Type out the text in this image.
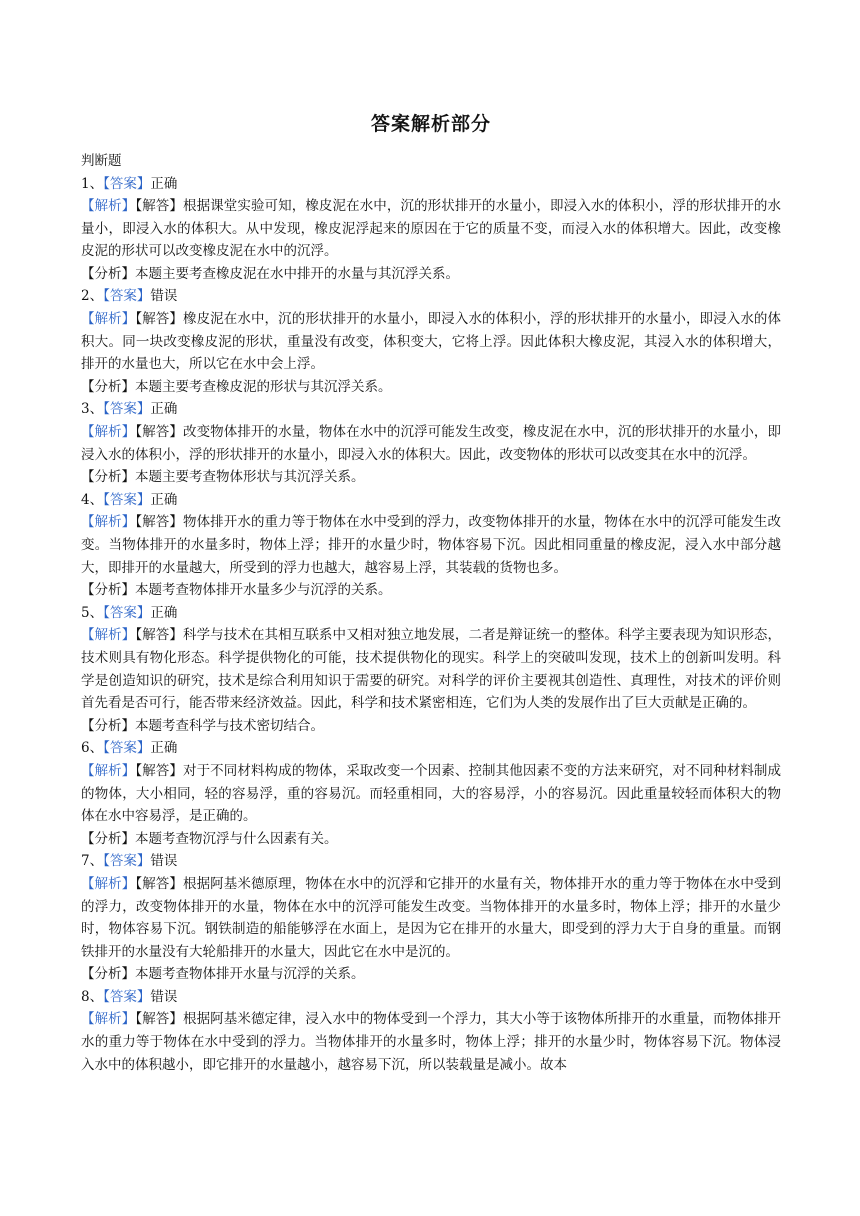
答案解析部分
判断题

1、【答案】正确

【解析】【解答】根据课堂实验可知，橡皮泥在水中，沉的形状排开的水量小，即浸入水的体积小，浮的形状排开的水量小，即浸入水的体积大。从中发现，橡皮泥浮起来的原因在于它的质量不变，而浸入水的体积增大。因此，改变橡皮泥的形状可以改变橡皮泥在水中的沉浮。

【分析】本题主要考查橡皮泥在水中排开的水量与其沉浮关系。

2、【答案】错误

【解析】【解答】橡皮泥在水中，沉的形状排开的水量小，即浸入水的体积小，浮的形状排开的水量小，即浸入水的体积大。同一块改变橡皮泥的形状，重量没有改变，体积变大，它将上浮。因此体积大橡皮泥，其浸入水的体积增大，排开的水量也大，所以它在水中会上浮。

【分析】本题主要考查橡皮泥的形状与其沉浮关系。

3、【答案】正确

【解析】【解答】改变物体排开的水量，物体在水中的沉浮可能发生改变，橡皮泥在水中，沉的形状排开的水量小，即浸入水的体积小，浮的形状排开的水量小，即浸入水的体积大。因此，改变物体的形状可以改变其在水中的沉浮。

【分析】本题主要考查物体形状与其沉浮关系。

4、【答案】正确

【解析】【解答】物体排开水的重力等于物体在水中受到的浮力，改变物体排开的水量，物体在水中的沉浮可能发生改变。当物体排开的水量多时，物体上浮；排开的水量少时，物体容易下沉。因此相同重量的橡皮泥，浸入水中部分越大，即排开的水量越大，所受到的浮力也越大，越容易上浮，其装载的货物也多。

【分析】本题考查物体排开水量多少与沉浮的关系。

5、【答案】正确

【解析】【解答】科学与技术在其相互联系中又相对独立地发展，二者是辩证统一的整体。科学主要表现为知识形态，技术则具有物化形态。科学提供物化的可能，技术提供物化的现实。科学上的突破叫发现，技术上的创新叫发明。科学是创造知识的研究，技术是综合利用知识于需要的研究。对科学的评价主要视其创造性、真理性，对技术的评价则首先看是否可行，能否带来经济效益。因此，科学和技术紧密相连，它们为人类的发展作出了巨大贡献是正确的。

【分析】本题考查科学与技术密切结合。

6、【答案】正确

【解析】【解答】对于不同材料构成的物体，采取改变一个因素、控制其他因素不变的方法来研究，对不同种材料制成的物体，大小相同，轻的容易浮，重的容易沉。而轻重相同，大的容易浮，小的容易沉。因此重量较轻而体积大的物体在水中容易浮，是正确的。

【分析】本题考查物沉浮与什么因素有关。

7、【答案】错误

【解析】【解答】根据阿基米德原理，物体在水中的沉浮和它排开的水量有关，物体排开水的重力等于物体在水中受到的浮力，改变物体排开的水量，物体在水中的沉浮可能发生改变。当物体排开的水量多时，物体上浮；排开的水量少时，物体容易下沉。钢铁制造的船能够浮在水面上，是因为它在排开的水量大，即受到的浮力大于自身的重量。而钢铁排开的水量没有大轮船排开的水量大，因此它在水中是沉的。

【分析】本题考查物体排开水量与沉浮的关系。

8、【答案】错误

【解析】【解答】根据阿基米德定律，浸入水中的物体受到一个浮力，其大小等于该物体所排开的水重量，而物体排开水的重力等于物体在水中受到的浮力。当物体排开的水量多时，物体上浮；排开的水量少时，物体容易下沉。物体浸入水中的体积越小，即它排开的水量越小，越容易下沉，所以装载量是减小。故本
